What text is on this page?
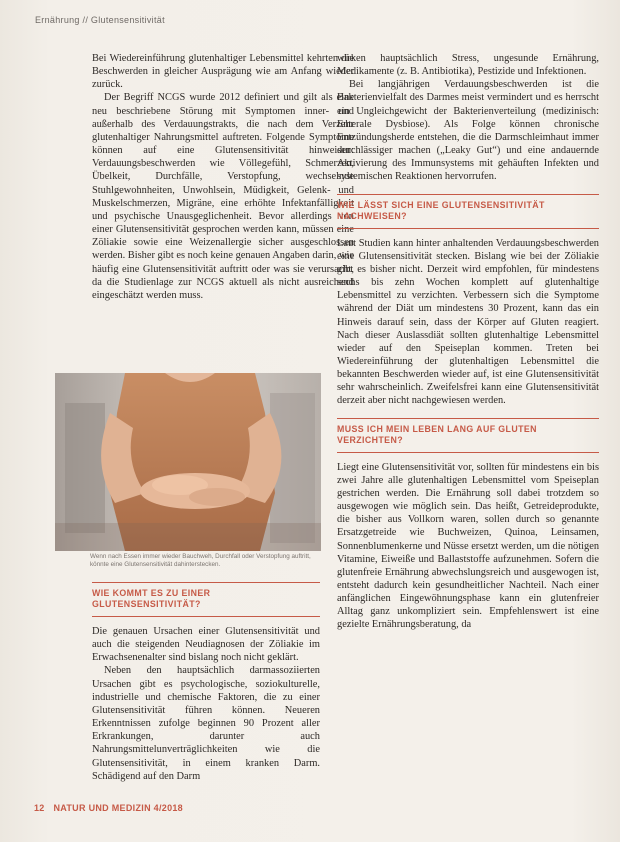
Ernährung // Glutensensitivität

Bei Wiedereinführung glutenhaltiger Lebensmittel kehrten die Beschwerden in gleicher Ausprägung wie am Anfang wieder zurück.

Der Begriff NCGS wurde 2012 definiert und gilt als eine neu beschriebene Störung mit Symptomen inner- und außerhalb des Verdauungstrakts, die nach dem Verzehr glutenhaltiger Nahrungsmittel auftreten. Folgende Symptome können auf eine Glutensensitivität hinweisen: Verdauungsbeschwerden wie Völlegefühl, Schmerzen, Übelkeit, Durchfälle, Verstopfung, wechselnde Stuhlgewohnheiten, Unwohlsein, Müdigkeit, Gelenk- und Muskelschmerzen, Migräne, eine erhöhte Infektanfälligkeit und psychische Unausgeglichenheit. Bevor allerdings von einer Glutensensitivität gesprochen werden kann, müssen eine Zöliakie sowie eine Weizenallergie sicher ausgeschlossen werden. Bisher gibt es noch keine genauen Angaben darin, wie häufig eine Glutensensitivität auftritt oder was sie verursacht, da die Studienlage zur NCGS aktuell als nicht ausreichend eingeschätzt werden muss.

Wenn nach Essen immer wieder Bauchweh, Durchfall oder Verstopfung auftritt, könnte eine Glutensensitivität dahinterstecken.
WIE KOMMT ES ZU EINER GLUTENSENSITIVITÄT?

Die genauen Ursachen einer Glutensensitivität und auch die steigenden Neudiagnosen der Zöliakie im Erwachsenenalter sind bislang noch nicht geklärt.

Neben den hauptsächlich darmassoziierten Ursachen gibt es psychologische, soziokulturelle, industrielle und chemische Faktoren, die zu einer Glutensensitivität führen können. Neueren Erkenntnissen zufolge beginnen 90 Prozent aller Erkrankungen, darunter auch Nahrungsmittelunverträglichkeiten wie die Glutensensitivität, in einem kranken Darm. Schädigend auf den Darm

wirken hauptsächlich Stress, ungesunde Ernährung, Medikamente (z. B. Antibiotika), Pestizide und Infektionen.

Bei langjährigen Verdauungsbeschwerden ist die Bakterienvielfalt des Darmes meist vermindert und es herrscht ein Ungleichgewicht der Bakterienverteilung (medizinisch: Enterale Dysbiose). Als Folge können chronische Entzündungsherde entstehen, die die Darmschleimhaut immer durchlässiger machen („Leaky Gut“) und eine andauernde Aktivierung des Immunsystems mit gehäuften Infekten und systemischen Reaktionen hervorrufen.

WIE LÄSST SICH EINE GLUTENSENSITIVITÄT NACHWEISEN?

Laut Studien kann hinter anhaltenden Verdauungsbeschwerden eine Glutensensitivität stecken. Bislang wie bei der Zöliakie gibt es bisher nicht. Derzeit wird empfohlen, für mindestens sechs bis zehn Wochen komplett auf glutenhaltige Lebensmittel zu verzichten. Verbessern sich die Symptome während der Diät um mindestens 30 Prozent, kann das ein Hinweis darauf sein, dass der Körper auf Gluten reagiert. Nach dieser Auslassdiät sollten glutenhaltige Lebensmittel wieder auf den Speiseplan kommen. Treten bei Wiedereinführung der glutenhaltigen Lebensmittel die bekannten Beschwerden wieder auf, ist eine Glutensensitivität sehr wahrscheinlich. Zweifelsfrei kann eine Glutensensitivität derzeit aber nicht nachgewiesen werden.

MUSS ICH MEIN LEBEN LANG AUF GLUTEN VERZICHTEN?

Liegt eine Glutensensitivität vor, sollten für mindestens ein bis zwei Jahre alle glutenhaltigen Lebensmittel vom Speiseplan gestrichen werden. Die Ernährung soll dabei trotzdem so ausgewogen wie möglich sein. Das heißt, Getreideprodukte, die bisher aus Vollkorn waren, sollen durch so genannte Ersatzgetreide wie Buchweizen, Quinoa, Leinsamen, Sonnenblumenkerne und Nüsse ersetzt werden, um die nötigen Vitamine, Eiweiße und Ballaststoffe aufzunehmen. Sofern die glutenfreie Ernährung abwechslungsreich und ausgewogen ist, entsteht dadurch kein gesundheitlicher Nachteil. Nach einer anfänglichen Eingewöhnungsphase kann ein glutenfreier Alltag ganz unkompliziert sein. Empfehlenswert ist eine gezielte Ernährungsberatung, da

12 NATUR UND MEDIZIN 4/2018
